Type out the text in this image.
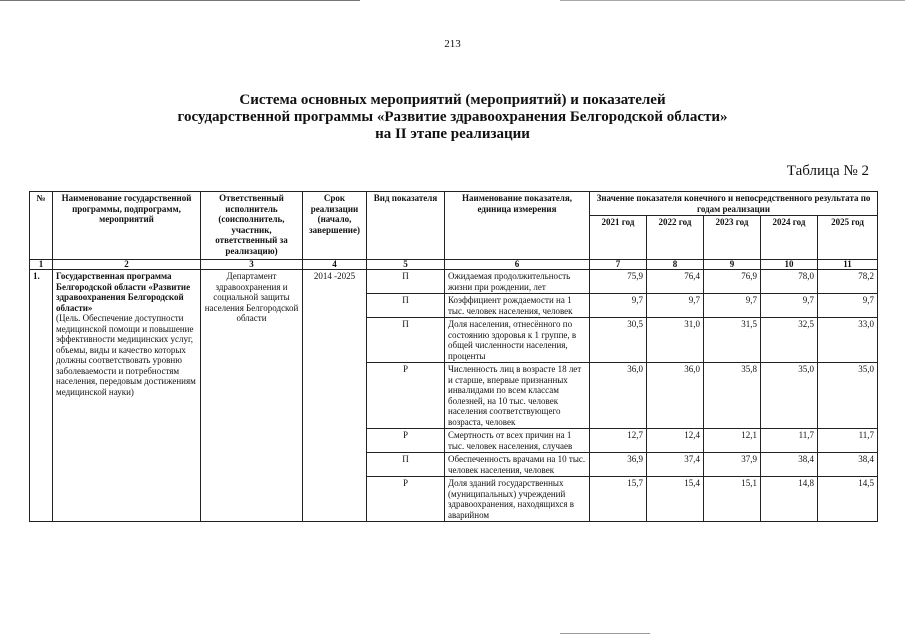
213
Система основных мероприятий (мероприятий) и показателей
государственной программы «Развитие здравоохранения Белгородской области»
на II этапе реализации
Таблица № 2
№	Наименование государственной программы, подпрограмм, мероприятий	Ответственный исполнитель (соисполнитель, участник, ответственный за реализацию)	Срок реализации (начало, завершение)	Вид показателя	Наименование показателя, единица измерения	Значение показателя конечного и непосредственного результата по годам реализации				
						2021 год	2022 год	2023 год	2024 год	2025 год
1	2	3	4	5	6	7	8	9	10	11
1.	Государственная программа Белгородской области «Развитие здравоохранения Белгородской области»
(Цель. Обеспечение доступности медицинской помощи и повышение эффективности медицинских услуг, объемы, виды и качество которых должны соответствовать уровню заболеваемости и потребностям населения, передовым достижениям медицинской науки)	Департамент здравоохранения и социальной защиты населения Белгородской области	2014 -2025	П	Ожидаемая продолжительность жизни при рождении, лет	75,9	76,4	76,9	78,0	78,2
				П	Коэффициент рождаемости на 1 тыс. человек населения, человек	9,7	9,7	9,7	9,7	9,7
				П	Доля населения, отнесённого по состоянию здоровья к 1 группе, в общей численности населения, проценты	30,5	31,0	31,5	32,5	33,0
				Р	Численность лиц в возрасте 18 лет и старше, впервые признанных инвалидами по всем классам болезней, на 10 тыс. человек населения соответствующего возраста, человек	36,0	36,0	35,8	35,0	35,0
				Р	Смертность от всех причин на 1 тыс. человек населения, случаев	12,7	12,4	12,1	11,7	11,7
				П	Обеспеченность врачами на 10 тыс. человек населения, человек	36,9	37,4	37,9	38,4	38,4
				Р	Доля зданий государственных (муниципальных) учреждений здравоохранения, находящихся в аварийном	15,7	15,4	15,1	14,8	14,5
